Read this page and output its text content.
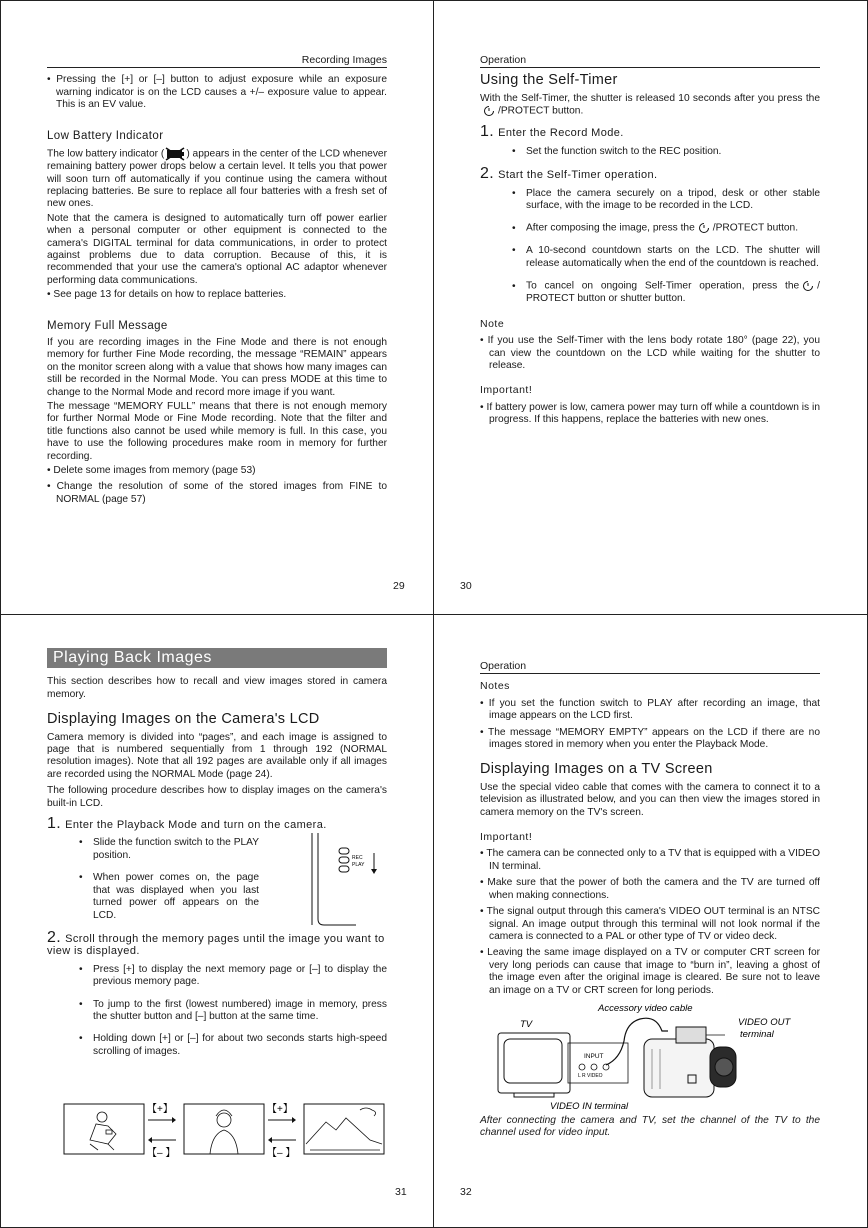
Recording Images
• Pressing the [+] or [–] button to adjust exposure while an exposure warning indicator is on the LCD causes a +/– exposure value to appear. This is an EV value.
Low Battery Indicator

The low battery indicator ( ) appears in the center of the LCD whenever remaining battery power drops below a certain level. It tells you that power will soon turn off automatically if you continue using the camera without replacing batteries. Be sure to replace all four batteries with a fresh set of new ones.

Note that the camera is designed to automatically turn off power earlier when a personal computer or other equipment is connected to the camera's DIGITAL terminal for data communications, in order to protect against problems due to data corruption. Because of this, it is recommended that your use the camera's optional AC adaptor whenever performing data communications.

• See page 13 for details on how to replace batteries.
Memory Full Message

If you are recording images in the Fine Mode and there is not enough memory for further Fine Mode recording, the message “REMAIN” appears on the monitor screen along with a value that shows how many images can still be recorded in the Normal Mode. You can press MODE at this time to change to the Normal Mode and record more image if you want.

The message “MEMORY FULL” means that there is not enough memory for further Normal Mode or Fine Mode recording. Note that the filter and title functions also cannot be used while memory is full. In this case, you have to use the following procedures make room in memory for further recording.

• Delete some images from memory (page 53)
• Change the resolution of some of the stored images from FINE to NORMAL (page 57)
29
Operation
Using the Self-Timer

With the Self-Timer, the shutter is released 10 seconds after you press the/PROTECT button.

1. Enter the Record Mode.
• Set the function switch to the REC position.
2. Start the Self-Timer operation.
• Place the camera securely on a tripod, desk or other stable surface, with the image to be recorded in the LCD.
• After composing the image, press the /PROTECT button.
• A 10-second countdown starts on the LCD. The shutter will release automatically when the end of the countdown is reached.
• To cancel on ongoing Self-Timer operation, press the / PROTECT button or shutter button.
Note
• If you use the Self-Timer with the lens body rotate 180° (page 22), you can view the countdown on the LCD while waiting for the shutter to release.
Important!
• If battery power is low, camera power may turn off while a countdown is in progress. If this happens, replace the batteries with new ones.
30
Playing Back Images

This section describes how to recall and view images stored in camera memory.

Displaying Images on the Camera's LCD

Camera memory is divided into “pages”, and each image is assigned to page that is numbered sequentially from 1 through 192 (NORMAL resolution images). Note that all 192 pages are available only if all images are recorded using the NORMAL Mode (page 24).

The following procedure describes how to display images on the camera's built-in LCD.

1. Enter the Playback Mode and turn on the camera.
• Slide the function switch to the PLAY position.
• When power comes on, the page that was displayed when you last turned power off appears on the LCD.
REC
PLAY
2. Scroll through the memory pages until the image you want to view is displayed.
• Press [+] to display the next memory page or [–] to display the previous memory page.
• To jump to the first (lowest numbered) image in memory, press the shutter button and [–] button at the same time.
• Holding down [+] or [–] for about two seconds starts high-speed scrolling of images.
【+】
【– 】
【+】
【– 】
31
Operation
Notes
• If you set the function switch to PLAY after recording an image, that image appears on the LCD first.
• The message “MEMORY EMPTY” appears on the LCD if there are no images stored in memory when you enter the Playback Mode.
Displaying Images on a TV Screen

Use the special video cable that comes with the camera to connect it to a television as illustrated below, and you can then view the images stored in camera memory on the TV's screen.

Important!
• The camera can be connected only to a TV that is equipped with a VIDEO IN terminal.
• Make sure that the power of both the camera and the TV are turned off when making connections.
• The signal output through this camera's VIDEO OUT terminal is an NTSC signal. An image output through this terminal will not look normal if the camera is connected to a PAL or other type of TV or video deck.
• Leaving the same image displayed on a TV or computer CRT screen for very long periods can cause that image to “burn in”, leaving a ghost of the image even after the original image is cleared. Be sure not to leave an image on a TV or CRT screen for long periods.
Accessory video cable
TV	VIDEO OUT
terminal
INPUT
L R VIDEO
VIDEO IN terminal

After connecting the camera and TV, set the channel of the TV to the channel used for video input.

32
